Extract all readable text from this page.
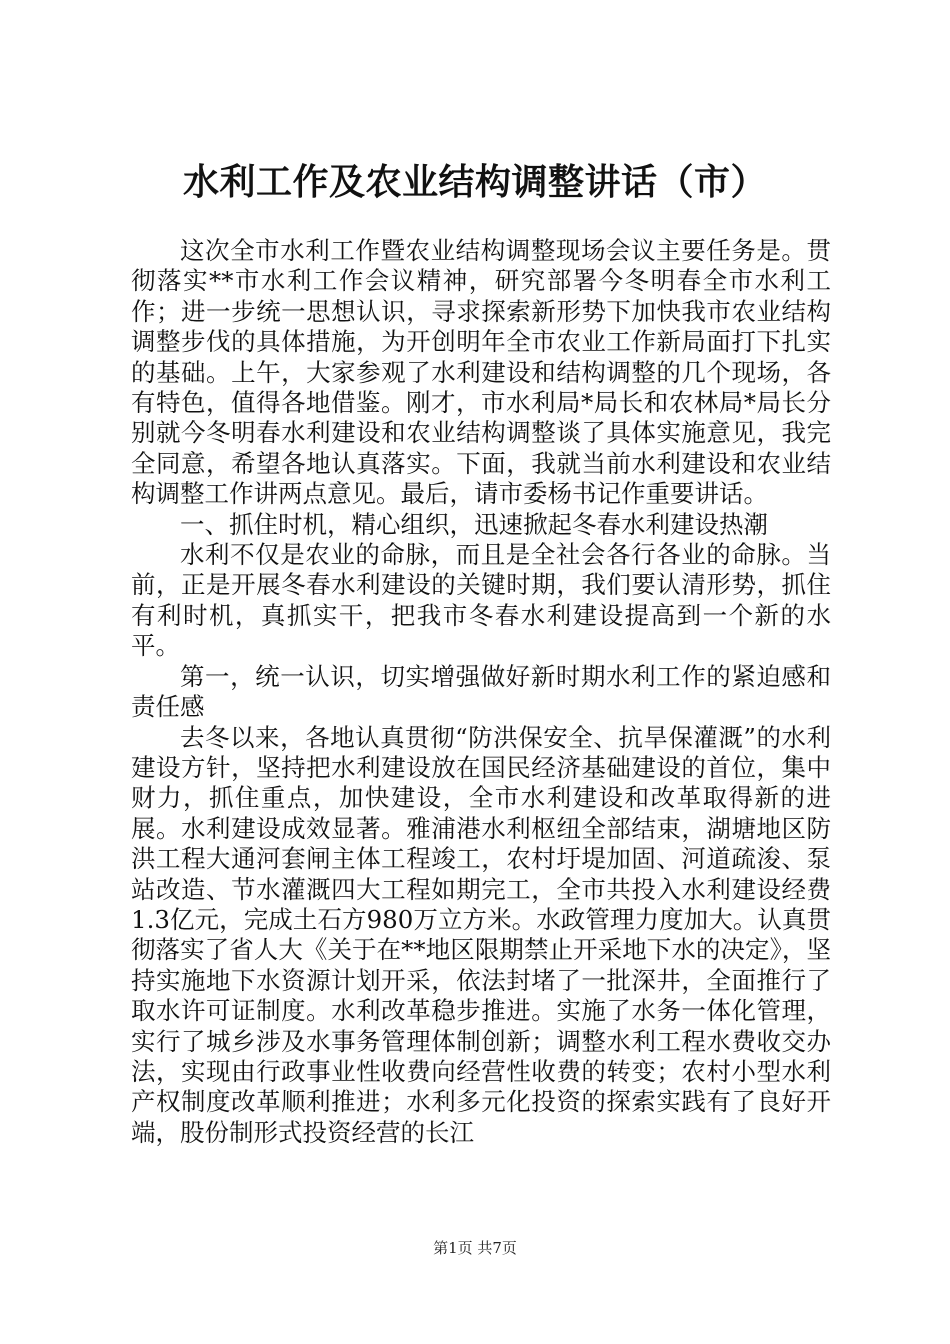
水利工作及农业结构调整讲话（市）

这次全市水利工作暨农业结构调整现场会议主要任务是。贯彻落实**市水利工作会议精神，研究部署今冬明春全市水利工作；进一步统一思想认识，寻求探索新形势下加快我市农业结构调整步伐的具体措施，为开创明年全市农业工作新局面打下扎实的基础。上午，大家参观了水利建设和结构调整的几个现场，各有特色，值得各地借鉴。刚才，市水利局*局长和农林局*局长分别就今冬明春水利建设和农业结构调整谈了具体实施意见，我完全同意，希望各地认真落实。下面，我就当前水利建设和农业结构调整工作讲两点意见。最后，请市委杨书记作重要讲话。

一、抓住时机，精心组织，迅速掀起冬春水利建设热潮

水利不仅是农业的命脉，而且是全社会各行各业的命脉。当前，正是开展冬春水利建设的关键时期，我们要认清形势，抓住有利时机，真抓实干，把我市冬春水利建设提高到一个新的水平。

第一，统一认识，切实增强做好新时期水利工作的紧迫感和责任感

去冬以来，各地认真贯彻“防洪保安全、抗旱保灌溉”的水利建设方针，坚持把水利建设放在国民经济基础建设的首位，集中财力，抓住重点，加快建设，全市水利建设和改革取得新的进展。水利建设成效显著。雅浦港水利枢纽全部结束，湖塘地区防洪工程大通河套闸主体工程竣工，农村圩堤加固、河道疏浚、泵站改造、节水灌溉四大工程如期完工，全市共投入水利建设经费1.3亿元，完成土石方980万立方米。水政管理力度加大。认真贯彻落实了省人大《关于在**地区限期禁止开采地下水的决定》，坚持实施地下水资源计划开采，依法封堵了一批深井，全面推行了取水许可证制度。水利改革稳步推进。实施了水务一体化管理，实行了城乡涉及水事务管理体制创新；调整水利工程水费收交办法，实现由行政事业性收费向经营性收费的转变；农村小型水利产权制度改革顺利推进；水利多元化投资的探索实践有了良好开端，股份制形式投资经营的长江

第1页 共7页
